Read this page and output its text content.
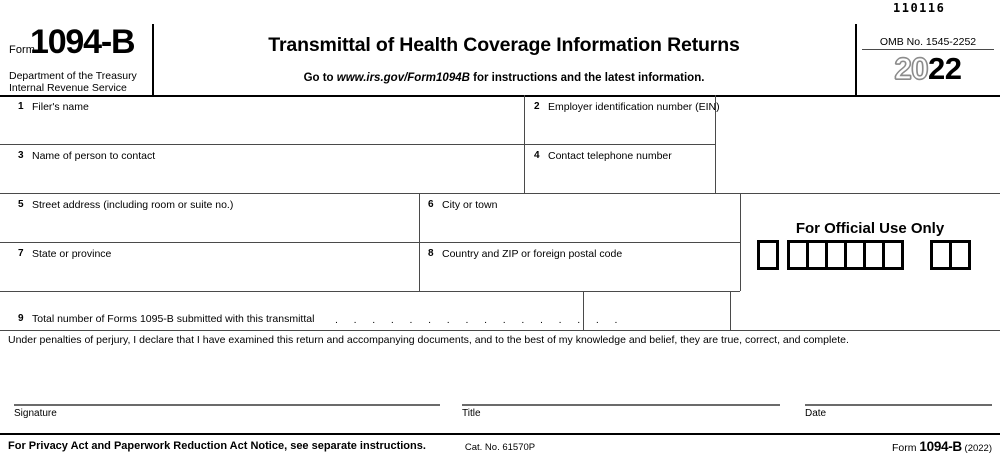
110116
Form
1094-B
Department of the Treasury
Internal Revenue Service
Transmittal of Health Coverage Information Returns
Go to www.irs.gov/Form1094B for instructions and the latest information.
OMB No. 1545-2252
2022
1 Filer's name	2 Employer identification number (EIN)
3 Name of person to contact	4 Contact telephone number
5 Street address (including room or suite no.)	6 City or town
7 State or province	8 Country and ZIP or foreign postal code
9 Total number of Forms 1095-B submitted with this transmittal . . . . . . . . . . . . . . . .
For Official Use Only
Under penalties of perjury, I declare that I have examined this return and accompanying documents, and to the best of my knowledge and belief, they are true, correct, and complete.
Signature	Title	Date
For Privacy Act and Paperwork Reduction Act Notice, see separate instructions.	Cat. No. 61570P	Form 1094-B (2022)
